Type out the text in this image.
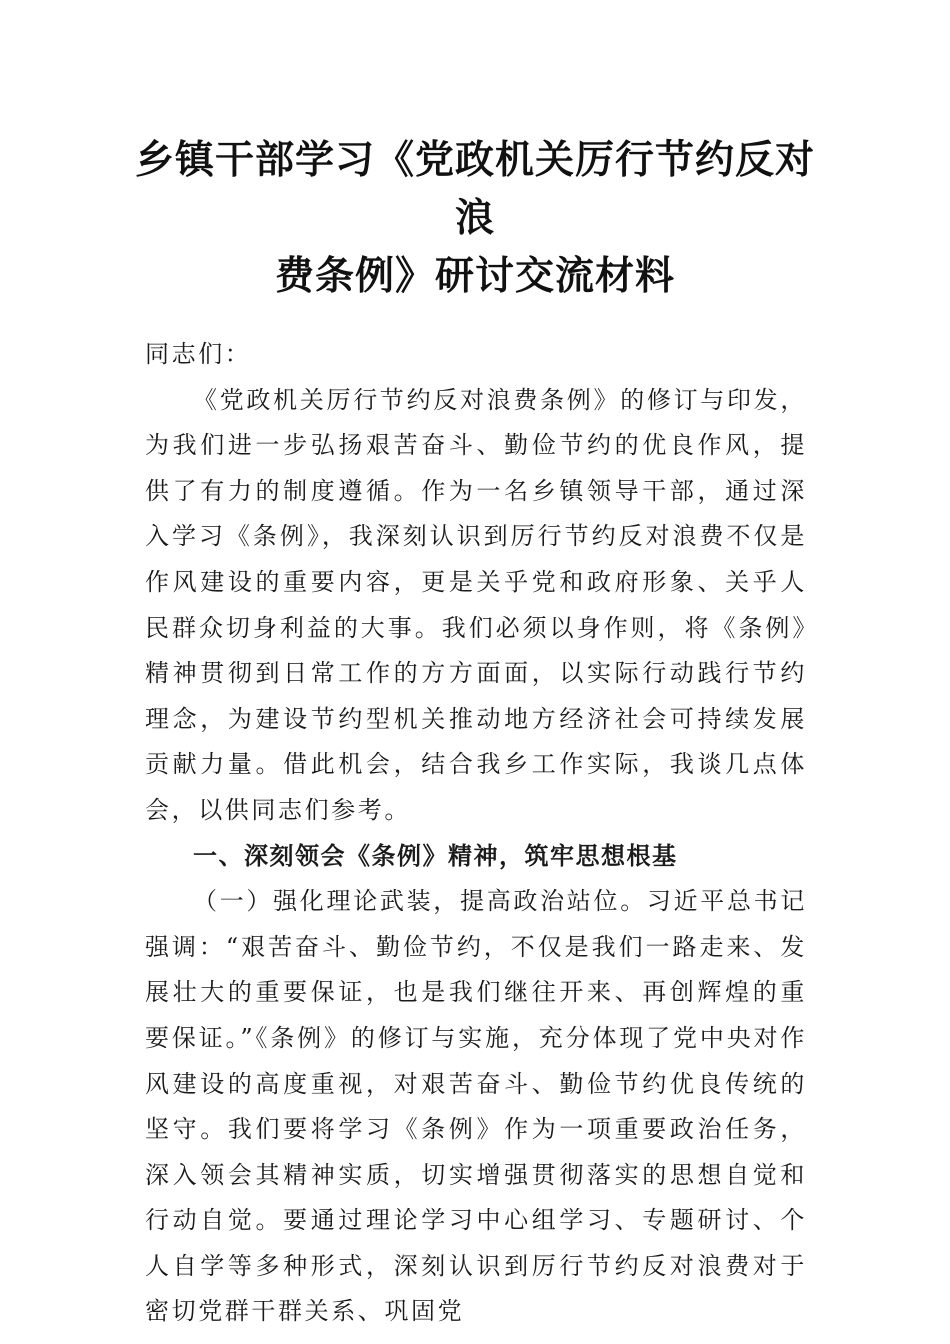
乡镇干部学习《党政机关厉行节约反对浪
费条例》研讨交流材料

同志们：

《党政机关厉行节约反对浪费条例》的修订与印发，为我们进一步弘扬艰苦奋斗、勤俭节约的优良作风，提供了有力的制度遵循。作为一名乡镇领导干部，通过深入学习《条例》，我深刻认识到厉行节约反对浪费不仅是作风建设的重要内容，更是关乎党和政府形象、关乎人民群众切身利益的大事。我们必须以身作则，将《条例》精神贯彻到日常工作的方方面面，以实际行动践行节约理念，为建设节约型机关推动地方经济社会可持续发展贡献力量。借此机会，结合我乡工作实际，我谈几点体会，以供同志们参考。

一、深刻领会《条例》精神，筑牢思想根基

（一）强化理论武装，提高政治站位。习近平总书记强调：“艰苦奋斗、勤俭节约，不仅是我们一路走来、发展壮大的重要保证，也是我们继往开来、再创辉煌的重要保证。”《条例》的修订与实施，充分体现了党中央对作风建设的高度重视，对艰苦奋斗、勤俭节约优良传统的坚守。我们要将学习《条例》作为一项重要政治任务，深入领会其精神实质，切实增强贯彻落实的思想自觉和行动自觉。要通过理论学习中心组学习、专题研讨、个人自学等多种形式，深刻认识到厉行节约反对浪费对于密切党群干群关系、巩固党
